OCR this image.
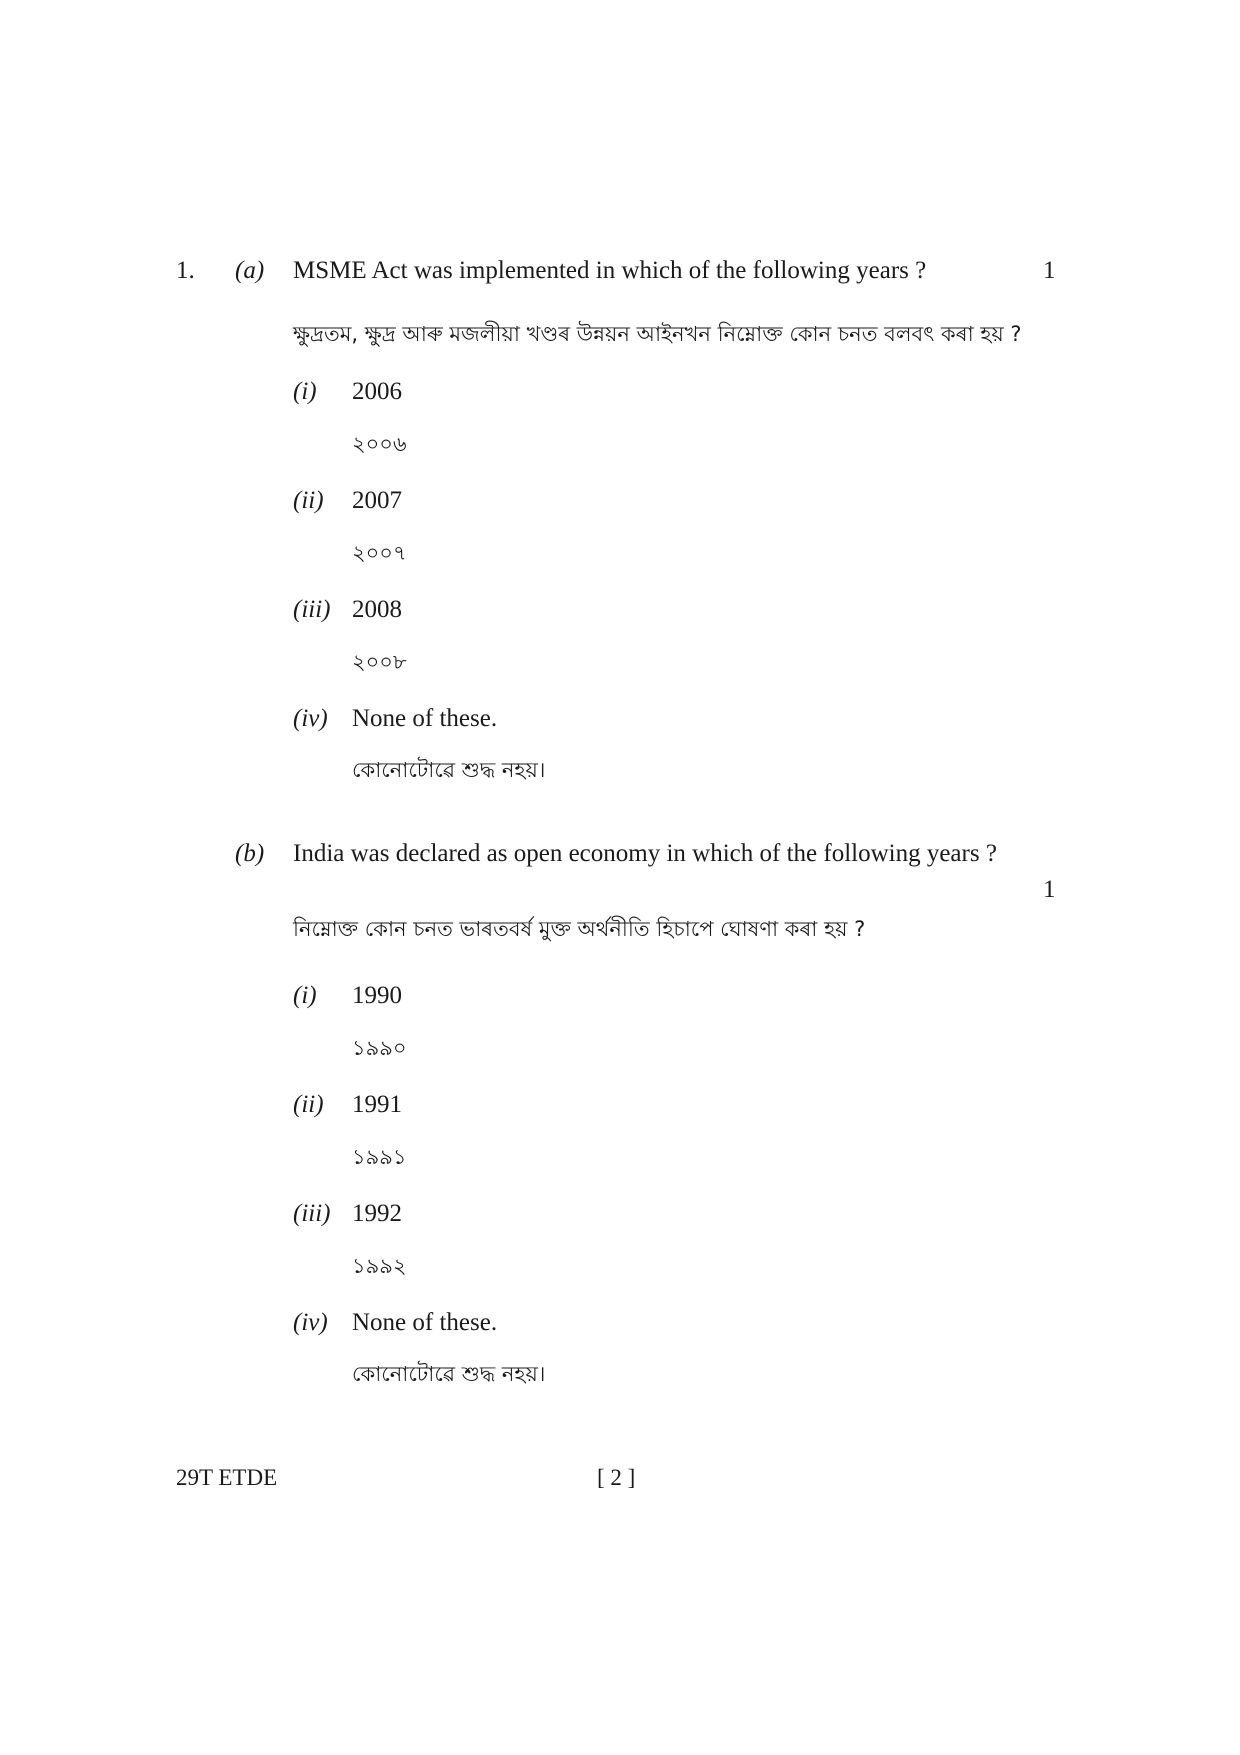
1. (a) MSME Act was implemented in which of the following years ?	1
ক্ষুদ্রতম, ক্ষুদ্র আৰু মজলীয়া খণ্ডৰ উন্নয়ন আইনখন নিম্নোক্ত কোন চনত বলবৎ কৰা হয় ?
(i) 2006
২০০৬
(ii) 2007
২০০৭
(iii) 2008
২০০৮
(iv) None of these.
কোনোটোৱে শুদ্ধ নহয়।
(b) India was declared as open economy in which of the following years ?
1
নিম্নোক্ত কোন চনত ভাৰতবৰ্ষ মুক্ত অৰ্থনীতি হিচাপে ঘোষণা কৰা হয় ?
(i) 1990
১৯৯০
(ii) 1991
১৯৯১
(iii) 1992
১৯৯২
(iv) None of these.
কোনোটোৱে শুদ্ধ নহয়।
29T ETDE	[ 2 ]
